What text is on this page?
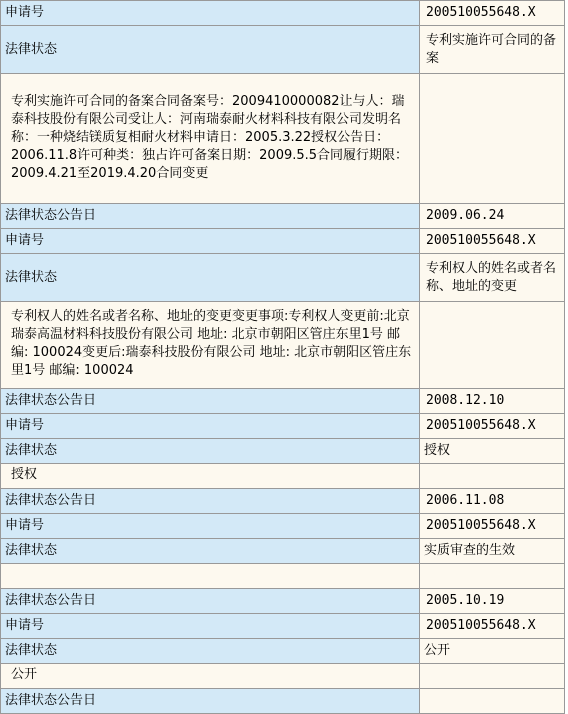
申请号	200510055648.X
法律状态	专利实施许可合同的备案

专利实施许可合同的备案合同备案号：2009410000082让与人：瑞泰科技股份有限公司受让人：河南瑞泰耐火材料科技有限公司发明名称：一种烧结镁质复相耐火材料申请日：2005.3.22授权公告日：2006.11.8许可种类：独占许可备案日期：2009.5.5合同履行期限：2009.4.21至2019.4.20合同变更	

法律状态公告日	2009.06.24
申请号	200510055648.X
法律状态	专利权人的姓名或者名称、地址的变更

专利权人的姓名或者名称、地址的变更变更事项:专利权人变更前:北京瑞泰高温材料科技股份有限公司 地址: 北京市朝阳区管庄东里1号 邮编: 100024变更后:瑞泰科技股份有限公司 地址: 北京市朝阳区管庄东里1号 邮编: 100024	

法律状态公告日	2008.12.10
申请号	200510055648.X
法律状态	授权

授权	

法律状态公告日	2006.11.08
申请号	200510055648.X
法律状态	实质审查的生效

法律状态公告日	2005.10.19
申请号	200510055648.X
法律状态	公开

公开	

法律状态公告日	
